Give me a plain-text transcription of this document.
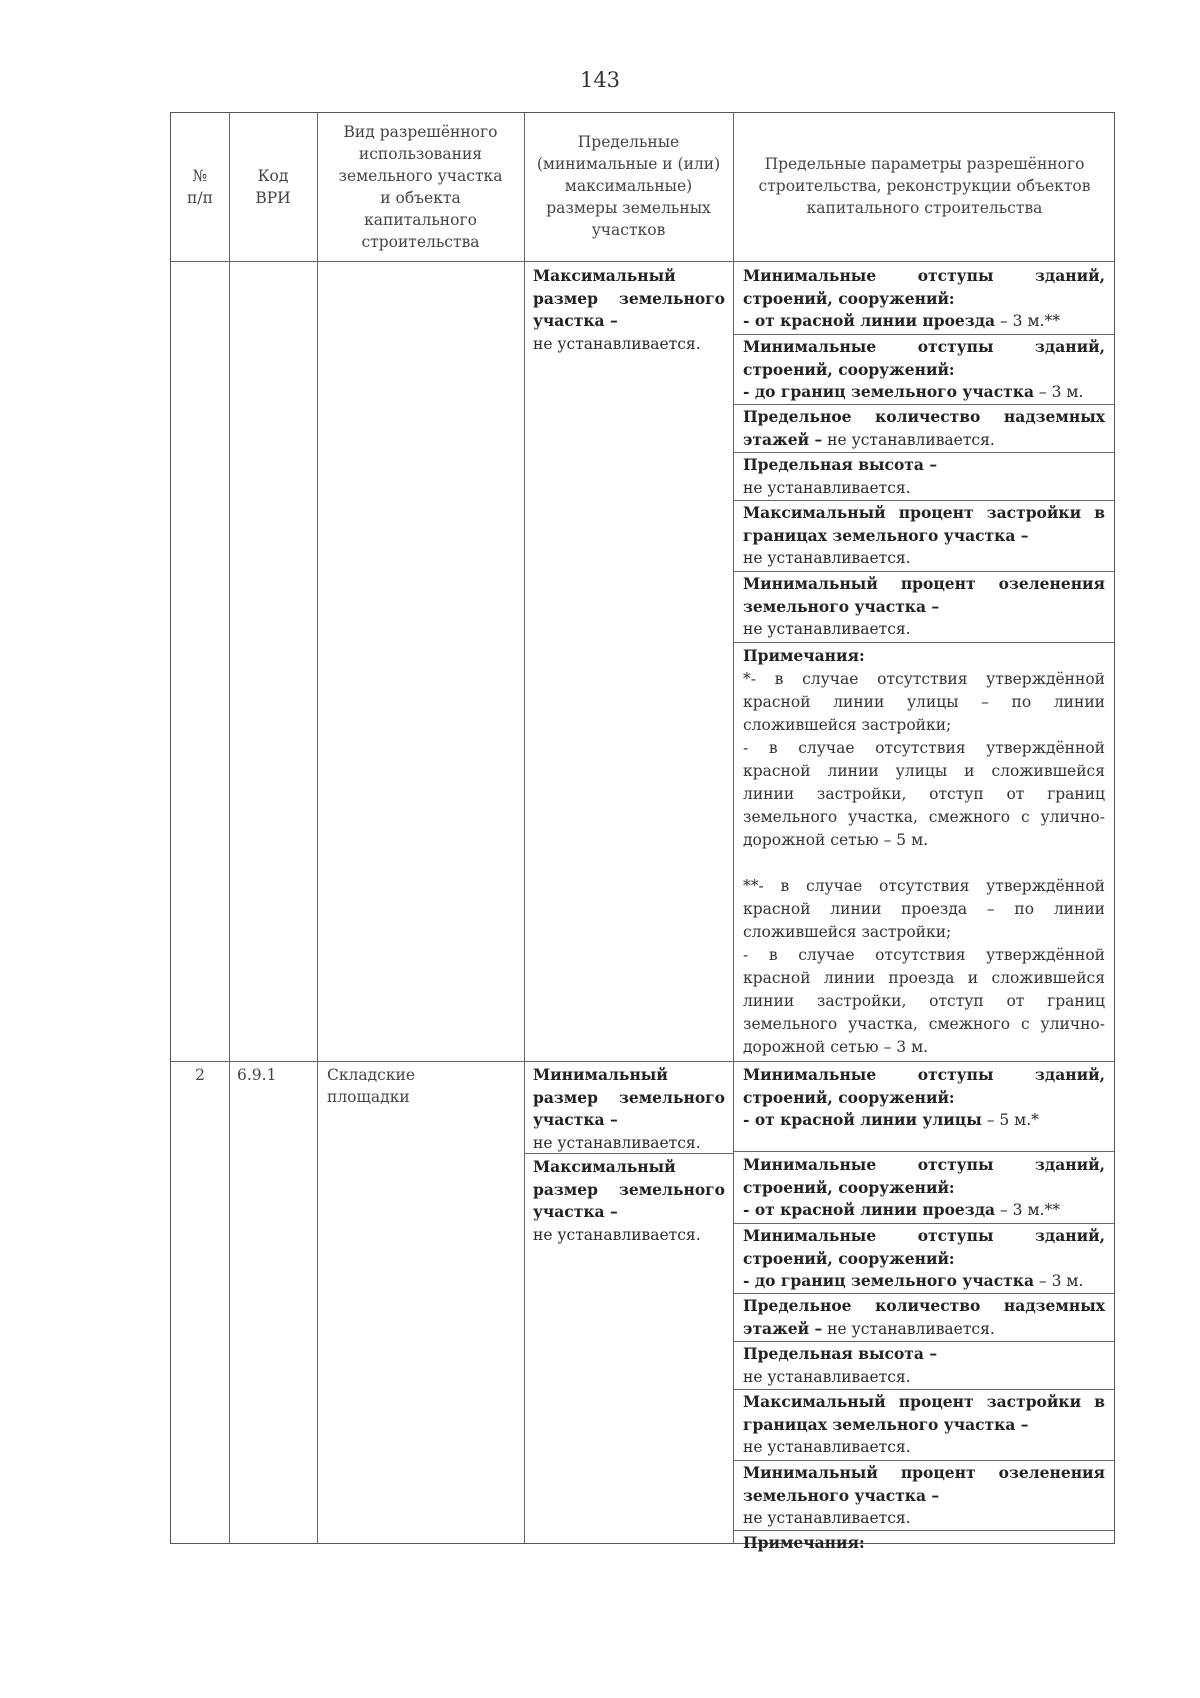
143
№
п/п
Код
ВРИ
Вид разрешённого
использования
земельного участка
и объекта
капитального
строительства
Предельные
(минимальные и (или)
максимальные)
размеры земельных
участков
Предельные параметры разрешённого
строительства, реконструкции объектов
капитального строительства
Максимальный размер земельного участка –
не устанавливается.
Минимальные отступы зданий, строений, сооружений:
- от красной линии проезда – 3 м.**
Минимальные отступы зданий, строений, сооружений:
- до границ земельного участка – 3 м.
Предельное количество надземных этажей – не устанавливается.
Предельная высота –
не устанавливается.
Максимальный процент застройки в границах земельного участка –
не устанавливается.
Минимальный процент озеленения земельного участка –
не устанавливается.
Примечания:
*- в случае отсутствия утверждённой красной линии улицы – по линии сложившейся застройки;
- в случае отсутствия утверждённой красной линии улицы и сложившейся линии застройки, отступ от границ земельного участка, смежного с улично-дорожной сетью – 5 м.
**- в случае отсутствия утверждённой красной линии проезда – по линии сложившейся застройки;
- в случае отсутствия утверждённой красной линии проезда и сложившейся линии застройки, отступ от границ земельного участка, смежного с улично-дорожной сетью – 3 м.
2	6.9.1	Складские площадки
Минимальный размер земельного участка –
не устанавливается.
Максимальный размер земельного участка –
не устанавливается.
Минимальные отступы зданий, строений, сооружений:
- от красной линии улицы – 5 м.*
Минимальные отступы зданий, строений, сооружений:
- от красной линии проезда – 3 м.**
Минимальные отступы зданий, строений, сооружений:
- до границ земельного участка – 3 м.
Предельное количество надземных этажей – не устанавливается.
Предельная высота –
не устанавливается.
Максимальный процент застройки в границах земельного участка –
не устанавливается.
Минимальный процент озеленения земельного участка –
не устанавливается.
Примечания:
